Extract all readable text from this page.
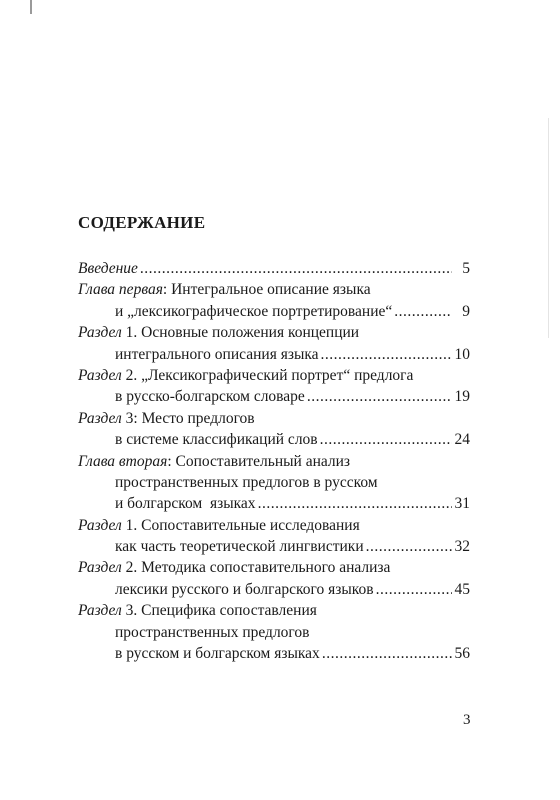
СОДЕРЖАНИЕ
Введение .....	5
Глава первая: Интегральное описание языка
и „лексикографическое портретирование“ .....	9
Раздел 1. Основные положения концепции
интегрального описания языка .....	10
Раздел 2. „Лексикографический портрет“ предлога
в русско-болгарском словаре .....	19
Раздел 3: Место предлогов
в системе классификаций слов .....	24
Глава вторая: Сопоставительный анализ
пространственных предлогов в русском
и болгарском  языках .....	31
Раздел 1. Сопоставительные исследования
как часть теоретической лингвистики .....	32
Раздел 2. Методика сопоставительного анализа
лексики русского и болгарского языков .....	45
Раздел 3. Специфика сопоставления
пространственных предлогов
в русском и болгарском языках .....	56
3
